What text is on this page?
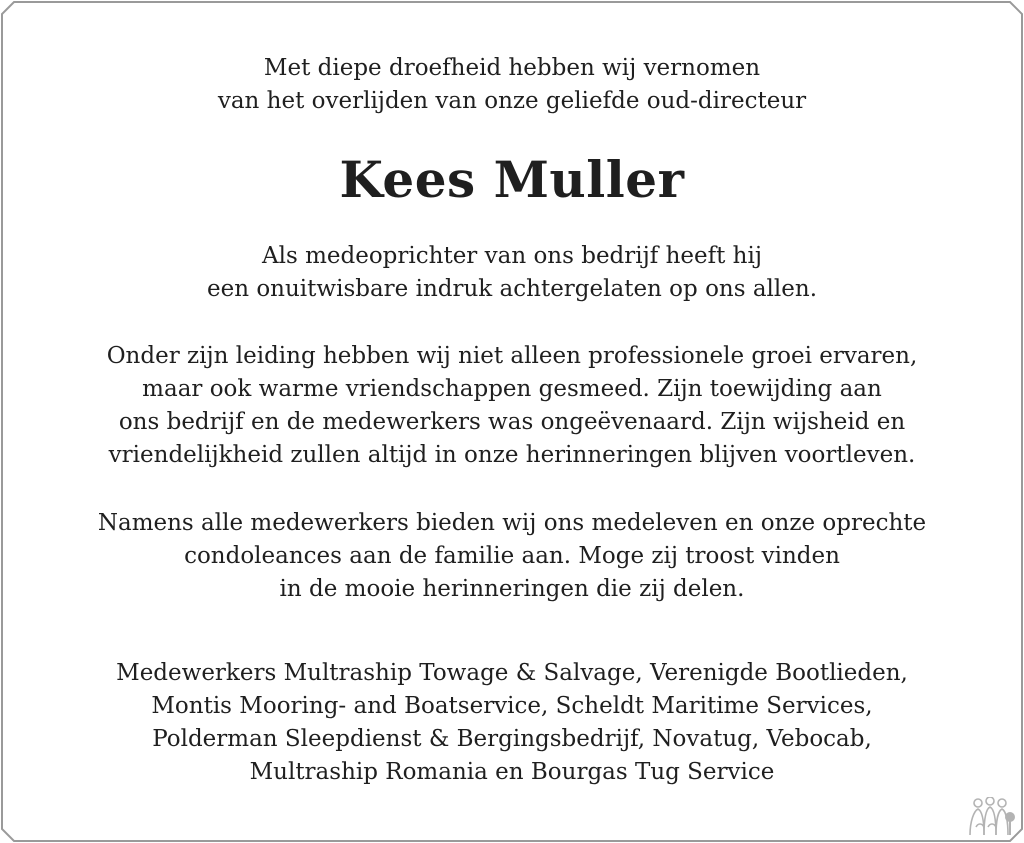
Met diepe droefheid hebben wij vernomen
van het overlijden van onze geliefde oud-directeur
Kees Muller
Als medeoprichter van ons bedrijf heeft hij
een onuitwisbare indruk achtergelaten op ons allen.
Onder zijn leiding hebben wij niet alleen professionele groei ervaren,
maar ook warme vriendschappen gesmeed. Zijn toewijding aan
ons bedrijf en de medewerkers was ongeëvenaard. Zijn wijsheid en
vriendelijkheid zullen altijd in onze herinneringen blijven voortleven.
Namens alle medewerkers bieden wij ons medeleven en onze oprechte
condoleances aan de familie aan. Moge zij troost vinden
in de mooie herinneringen die zij delen.
Medewerkers Multraship Towage & Salvage, Verenigde Bootlieden,
Montis Mooring- and Boatservice, Scheldt Maritime Services,
Polderman Sleepdienst & Bergingsbedrijf, Novatug, Vebocab,
Multraship Romania en Bourgas Tug Service
